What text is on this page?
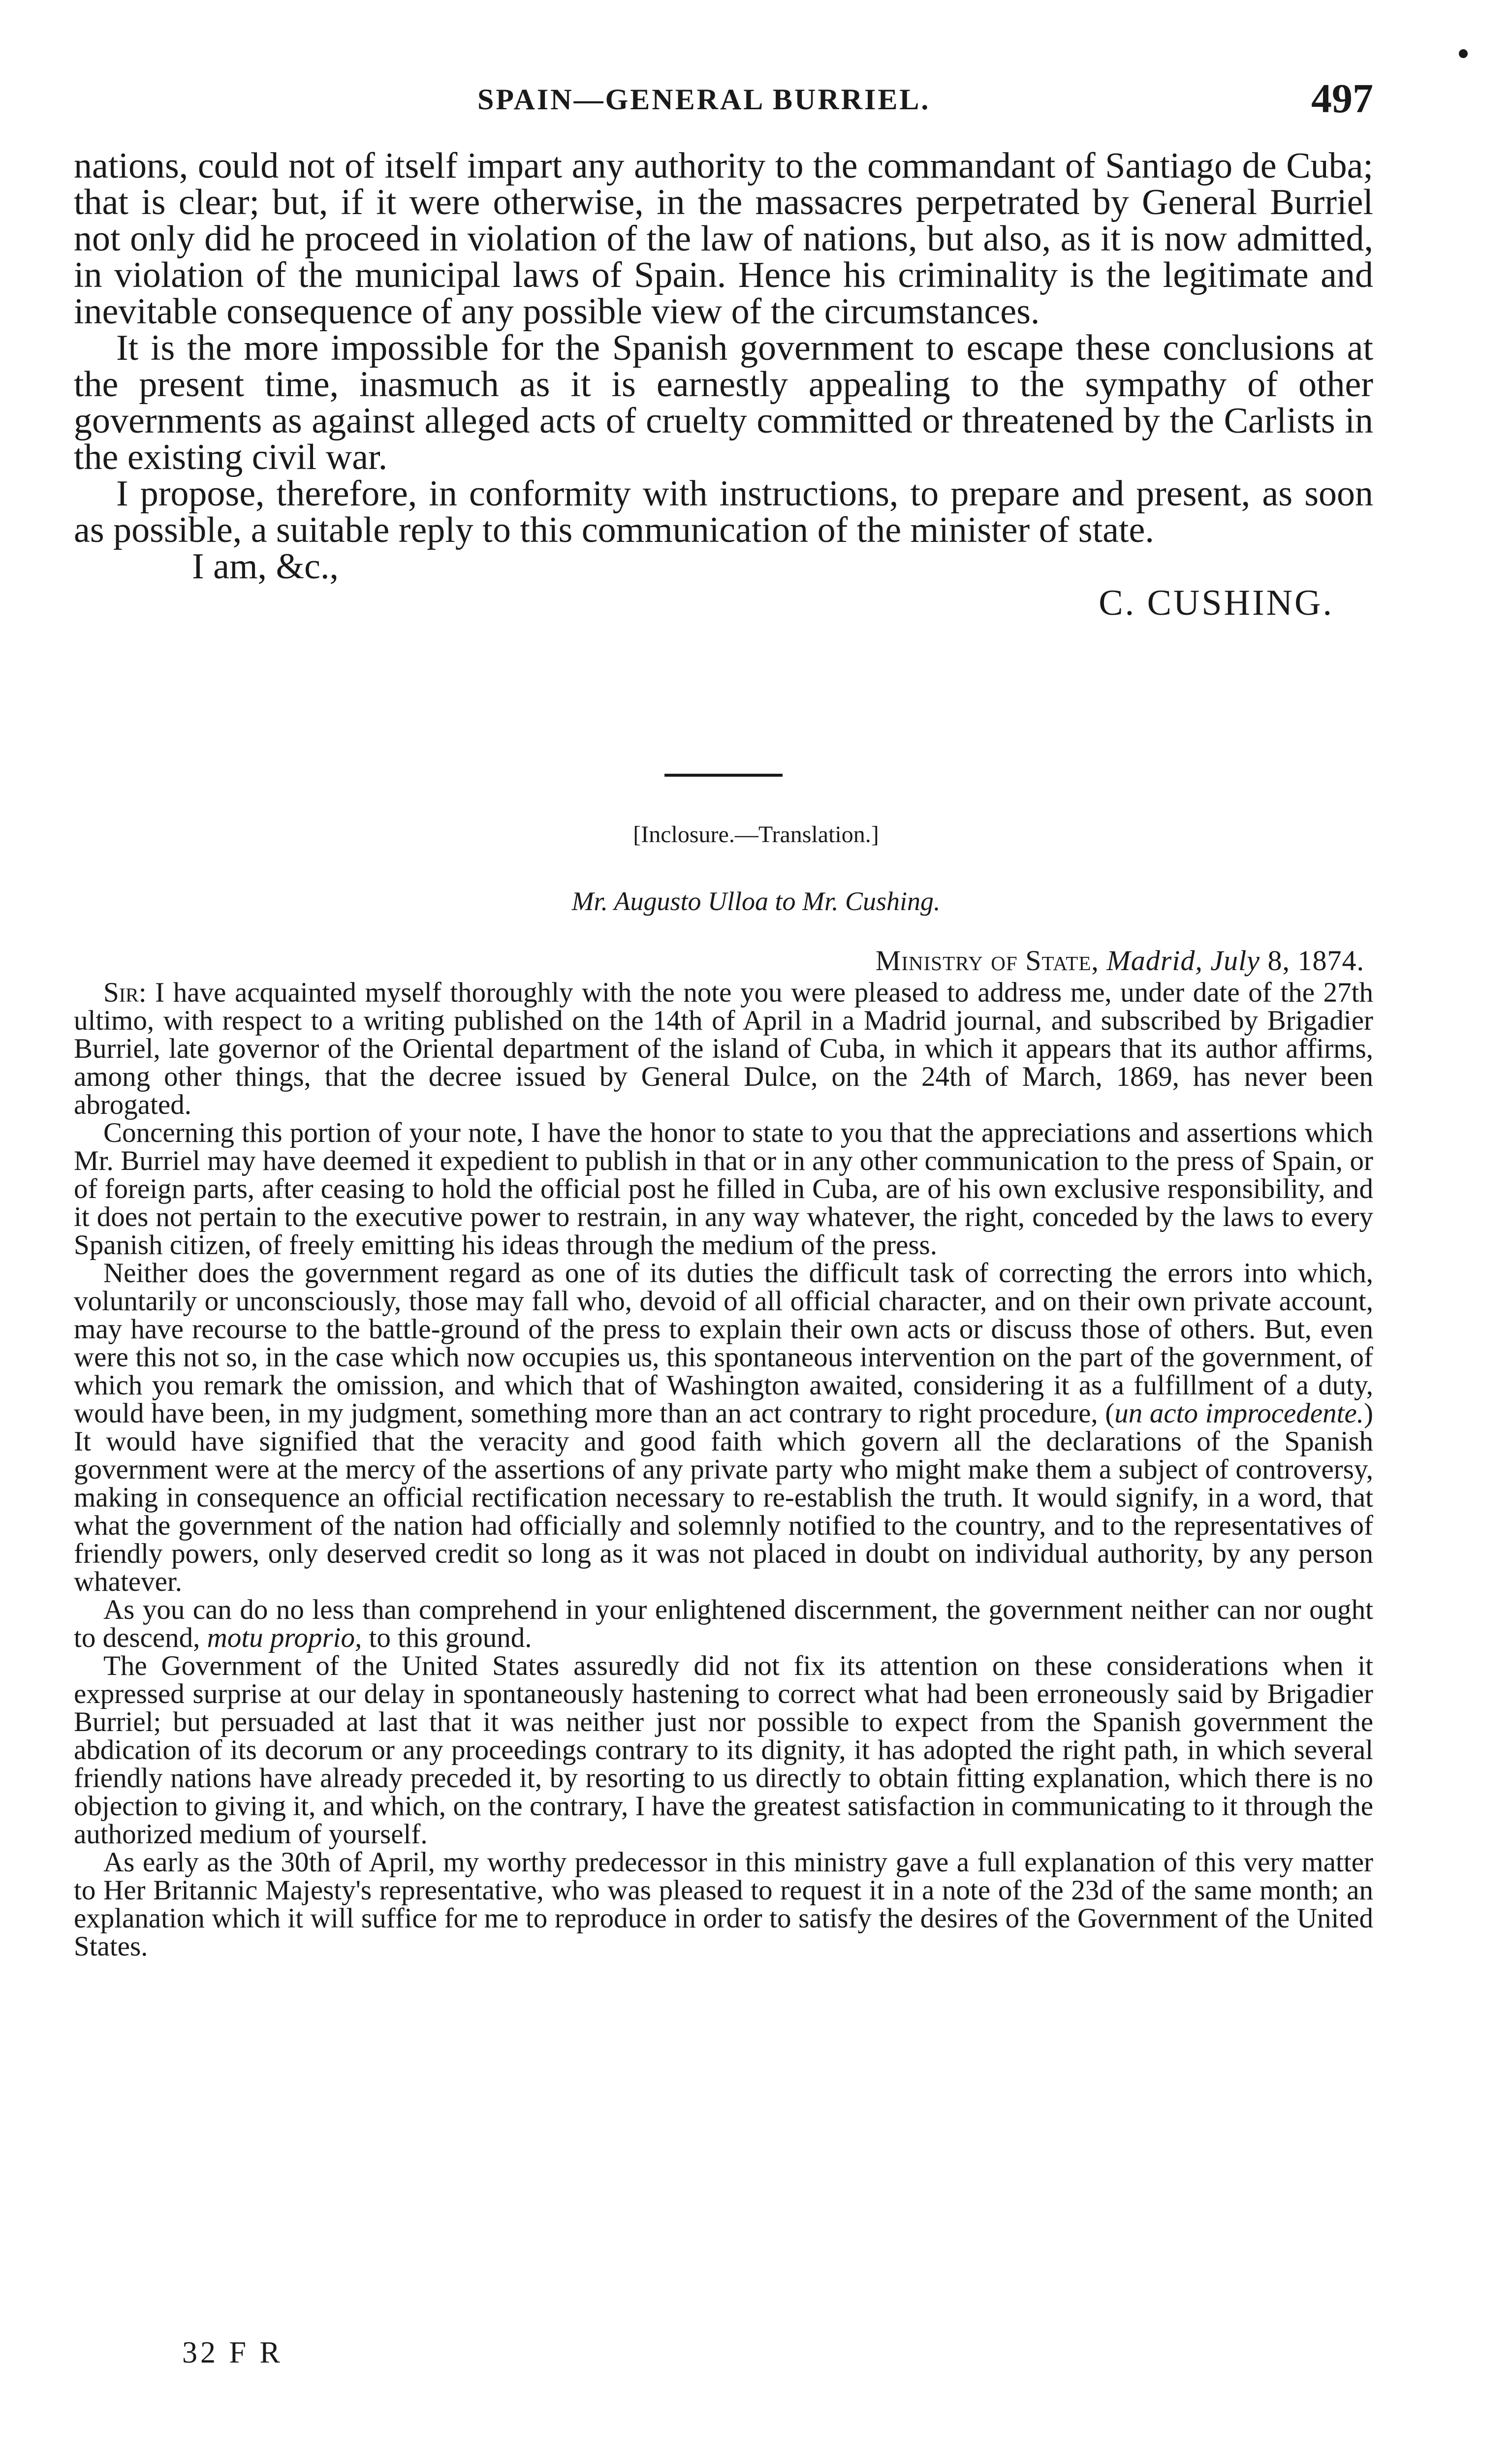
SPAIN—GENERAL BURRIEL.	497

nations, could not of itself impart any authority to the commandant of Santiago de Cuba; that is clear; but, if it were otherwise, in the massacres perpetrated by General Burriel not only did he proceed in violation of the law of nations, but also, as it is now admitted, in violation of the municipal laws of Spain. Hence his criminality is the legitimate and inevitable consequence of any possible view of the circumstances.

It is the more impossible for the Spanish government to escape these conclusions at the present time, inasmuch as it is earnestly appealing to the sympathy of other governments as against alleged acts of cruelty committed or threatened by the Carlists in the existing civil war.

I propose, therefore, in conformity with instructions, to prepare and present, as soon as possible, a suitable reply to this communication of the minister of state.

I am, &c.,

C. CUSHING.

[Inclosure.—Translation.]
Mr. Augusto Ulloa to Mr. Cushing.
Ministry of State, Madrid, July 8, 1874.

Sir: I have acquainted myself thoroughly with the note you were pleased to address me, under date of the 27th ultimo, with respect to a writing published on the 14th of April in a Madrid journal, and subscribed by Brigadier Burriel, late governor of the Oriental department of the island of Cuba, in which it appears that its author affirms, among other things, that the decree issued by General Dulce, on the 24th of March, 1869, has never been abrogated.

Concerning this portion of your note, I have the honor to state to you that the appreciations and assertions which Mr. Burriel may have deemed it expedient to publish in that or in any other communication to the press of Spain, or of foreign parts, after ceasing to hold the official post he filled in Cuba, are of his own exclusive responsibility, and it does not pertain to the executive power to restrain, in any way whatever, the right, conceded by the laws to every Spanish citizen, of freely emitting his ideas through the medium of the press.

Neither does the government regard as one of its duties the difficult task of correcting the errors into which, voluntarily or unconsciously, those may fall who, devoid of all official character, and on their own private account, may have recourse to the battle-ground of the press to explain their own acts or discuss those of others. But, even were this not so, in the case which now occupies us, this spontaneous intervention on the part of the government, of which you remark the omission, and which that of Washington awaited, considering it as a fulfillment of a duty, would have been, in my judgment, something more than an act contrary to right procedure, (un acto improcedente.) It would have signified that the veracity and good faith which govern all the declarations of the Spanish government were at the mercy of the assertions of any private party who might make them a subject of controversy, making in consequence an official rectification necessary to re-establish the truth. It would signify, in a word, that what the government of the nation had officially and solemnly notified to the country, and to the representatives of friendly powers, only deserved credit so long as it was not placed in doubt on individual authority, by any person whatever.

As you can do no less than comprehend in your enlightened discernment, the government neither can nor ought to descend, motu proprio, to this ground.

The Government of the United States assuredly did not fix its attention on these considerations when it expressed surprise at our delay in spontaneously hastening to correct what had been erroneously said by Brigadier Burriel; but persuaded at last that it was neither just nor possible to expect from the Spanish government the abdication of its decorum or any proceedings contrary to its dignity, it has adopted the right path, in which several friendly nations have already preceded it, by resorting to us directly to obtain fitting explanation, which there is no objection to giving it, and which, on the contrary, I have the greatest satisfaction in communicating to it through the authorized medium of yourself.

As early as the 30th of April, my worthy predecessor in this ministry gave a full explanation of this very matter to Her Britannic Majesty's representative, who was pleased to request it in a note of the 23d of the same month; an explanation which it will suffice for me to reproduce in order to satisfy the desires of the Government of the United States.

32 F R
